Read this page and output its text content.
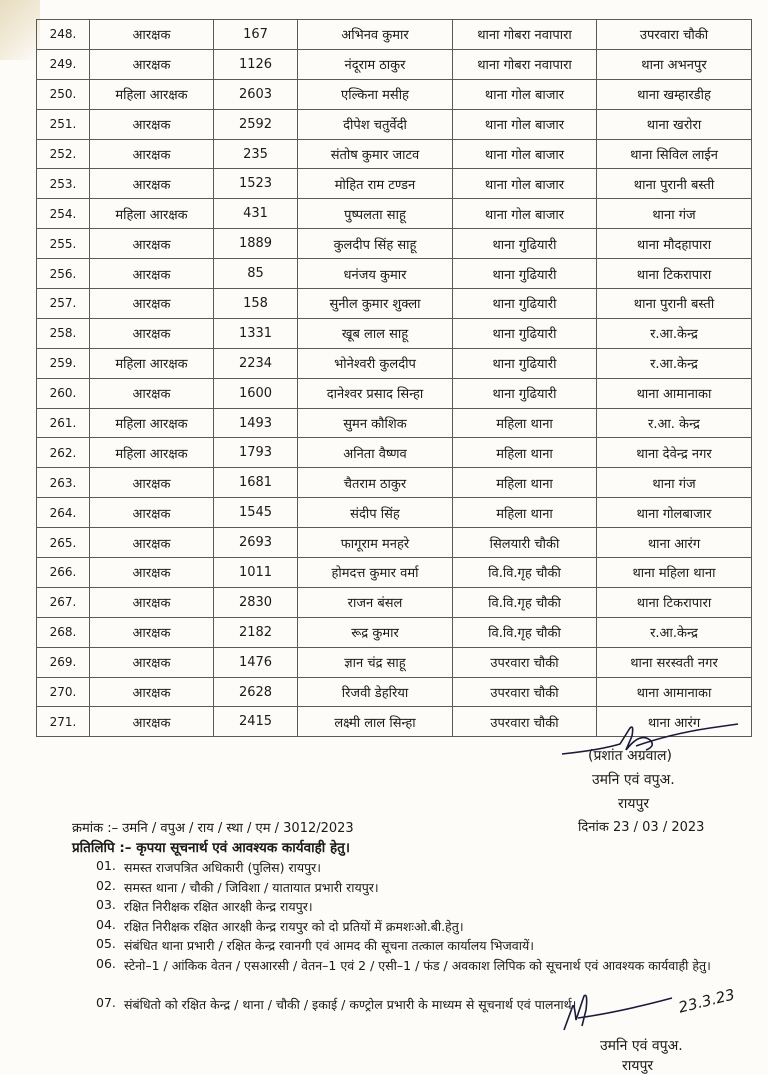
248.	आरक्षक	167	अभिनव कुमार	थाना गोबरा नवापारा	उपरवारा चौकी
249.	आरक्षक	1126	नंदूराम ठाकुर	थाना गोबरा नवापारा	थाना अभनपुर
250.	महिला आरक्षक	2603	एल्किना मसीह	थाना गोल बाजार	थाना खम्हारडीह
251.	आरक्षक	2592	दीपेश चतुर्वेदी	थाना गोल बाजार	थाना खरोरा
252.	आरक्षक	235	संतोष कुमार जाटव	थाना गोल बाजार	थाना सिविल लाईन
253.	आरक्षक	1523	मोहित राम टण्डन	थाना गोल बाजार	थाना पुरानी बस्ती
254.	महिला आरक्षक	431	पुष्पलता साहू	थाना गोल बाजार	थाना गंज
255.	आरक्षक	1889	कुलदीप सिंह साहू	थाना गुढियारी	थाना मौदहापारा
256.	आरक्षक	85	धनंजय कुमार	थाना गुढियारी	थाना टिकरापारा
257.	आरक्षक	158	सुनील कुमार शुक्ला	थाना गुढियारी	थाना पुरानी बस्ती
258.	आरक्षक	1331	खूब लाल साहू	थाना गुढियारी	र.आ.केन्द्र
259.	महिला आरक्षक	2234	भोनेश्वरी कुलदीप	थाना गुढियारी	र.आ.केन्द्र
260.	आरक्षक	1600	दानेश्वर प्रसाद सिन्हा	थाना गुढियारी	थाना आमानाका
261.	महिला आरक्षक	1493	सुमन कौशिक	महिला थाना	र.आ. केन्द्र
262.	महिला आरक्षक	1793	अनिता वैष्णव	महिला थाना	थाना देवेन्द्र नगर
263.	आरक्षक	1681	चैतराम ठाकुर	महिला थाना	थाना गंज
264.	आरक्षक	1545	संदीप सिंह	महिला थाना	थाना गोलबाजार
265.	आरक्षक	2693	फागूराम मनहरे	सिलयारी चौकी	थाना आरंग
266.	आरक्षक	1011	होमदत्त कुमार वर्मा	वि.वि.गृह चौकी	थाना महिला थाना
267.	आरक्षक	2830	राजन बंसल	वि.वि.गृह चौकी	थाना टिकरापारा
268.	आरक्षक	2182	रूद्र कुमार	वि.वि.गृह चौकी	र.आ.केन्द्र
269.	आरक्षक	1476	ज्ञान चंद्र साहू	उपरवारा चौकी	थाना सरस्वती नगर
270.	आरक्षक	2628	रिजवी डेहरिया	उपरवारा चौकी	थाना आमानाका
271.	आरक्षक	2415	लक्ष्मी लाल सिन्हा	उपरवारा चौकी	थाना आरंग
(प्रशांत अग्रवाल)
उमनि एवं वपुअ.
रायपुर
क्रमांक :– उमनि / वपुअ / राय / स्था / एम / 3012/2023	दिनांक 23 / 03 / 2023
प्रतिलिपि :– कृपया सूचनार्थ एवं आवश्यक कार्यवाही हेतु।
01. समस्त राजपत्रित अधिकारी (पुलिस) रायपुर।
02. समस्त थाना / चौकी / जिविशा / यातायात प्रभारी रायपुर।
03. रक्षित निरीक्षक रक्षित आरक्षी केन्द्र रायपुर।
04. रक्षित निरीक्षक रक्षित आरक्षी केन्द्र रायपुर को दो प्रतियों में क्रमशःओ.बी.हेतु।
05. संबंधित थाना प्रभारी / रक्षित केन्द्र रवानगी एवं आमद की सूचना तत्काल कार्यालय भिजवायें।
06. स्टेनो–1 / आंकिक वेतन / एसआरसी / वेतन–1 एवं 2 / एसी–1 / फंड / अवकाश लिपिक को सूचनार्थ एवं आवश्यक कार्यवाही हेतु।
07. संबंधितो को रक्षित केन्द्र / थाना / चौकी / इकाई / कण्ट्रोल प्रभारी के माध्यम से सूचनार्थ एवं पालनार्थ।	23.3.23
उमनि एवं वपुअ.
रायपुर
